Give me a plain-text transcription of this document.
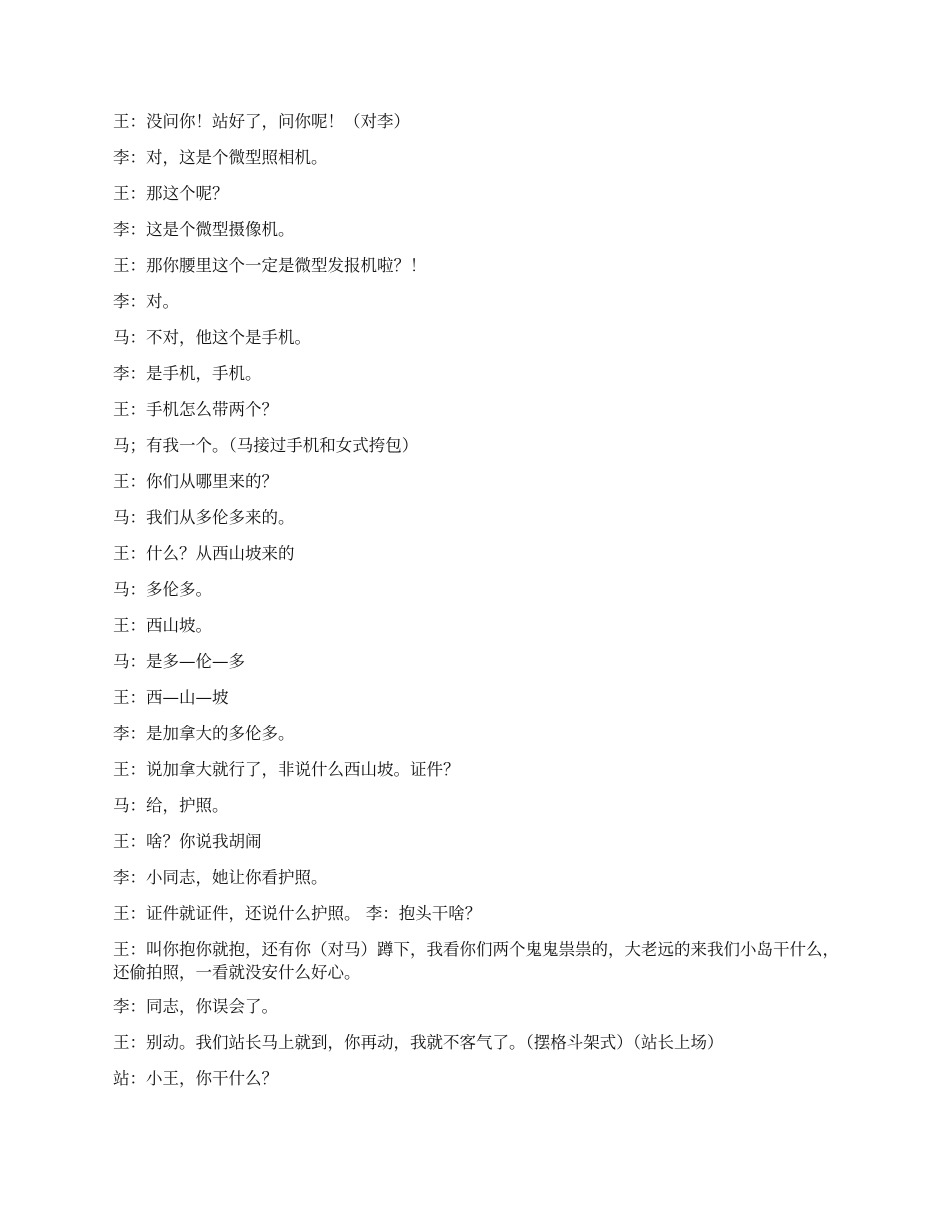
王：没问你！站好了，问你呢！（对李）

李：对，这是个微型照相机。

王：那这个呢？

李：这是个微型摄像机。

王：那你腰里这个一定是微型发报机啦？！

李：对。

马：不对，他这个是手机。

李：是手机，手机。

王：手机怎么带两个？

马；有我一个。（马接过手机和女式挎包）

王：你们从哪里来的？

马：我们从多伦多来的。

王：什么？从西山坡来的

马：多伦多。

王：西山坡。

马：是多—伦—多

王：西—山—坡

李：是加拿大的多伦多。

王：说加拿大就行了，非说什么西山坡。证件？

马：给，护照。

王：啥？你说我胡闹

李：小同志，她让你看护照。

王：证件就证件，还说什么护照。 李：抱头干啥？

王：叫你抱你就抱，还有你（对马）蹲下，我看你们两个鬼鬼祟祟的，大老远的来我们小岛干什么，还偷拍照，一看就没安什么好心。

李：同志，你误会了。

王：别动。我们站长马上就到，你再动，我就不客气了。（摆格斗架式）（站长上场）

站：小王，你干什么？
